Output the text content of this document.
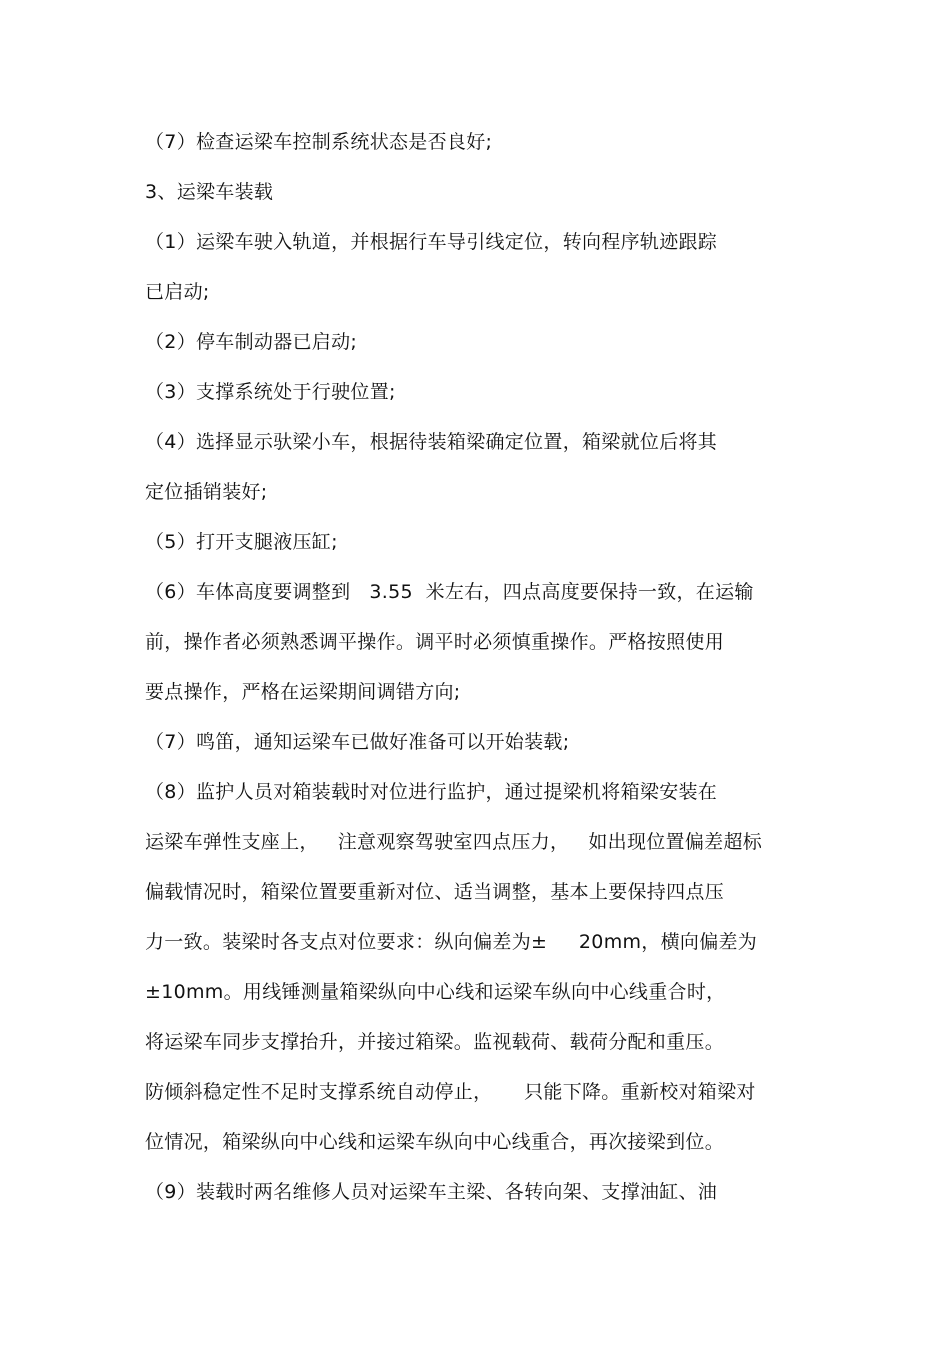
（7）检查运梁车控制系统状态是否良好;
3、运梁车装载
（1）运梁车驶入轨道，并根据行车导引线定位，转向程序轨迹跟踪
已启动;
（2）停车制动器已启动;
（3）支撑系统处于行驶位置;
（4）选择显示驮梁小车，根据待装箱梁确定位置，箱梁就位后将其
定位插销装好;
（5）打开支腿液压缸;
（6）车体高度要调整到   3.55  米左右，四点高度要保持一致，在运输
前，操作者必须熟悉调平操作。调平时必须慎重操作。严格按照使用
要点操作，严格在运梁期间调错方向;
（7）鸣笛，通知运梁车已做好准备可以开始装载;
（8）监护人员对箱装载时对位进行监护，通过提梁机将箱梁安装在
运梁车弹性支座上，   注意观察驾驶室四点压力，   如出现位置偏差超标
偏载情况时，箱梁位置要重新对位、适当调整，基本上要保持四点压
力一致。装梁时各支点对位要求：纵向偏差为±     20mm，横向偏差为
±10mm。用线锤测量箱梁纵向中心线和运梁车纵向中心线重合时，
将运梁车同步支撑抬升，并接过箱梁。监视载荷、载荷分配和重压。
防倾斜稳定性不足时支撑系统自动停止，     只能下降。重新校对箱梁对
位情况，箱梁纵向中心线和运梁车纵向中心线重合，再次接梁到位。
（9）装载时两名维修人员对运梁车主梁、各转向架、支撑油缸、油
